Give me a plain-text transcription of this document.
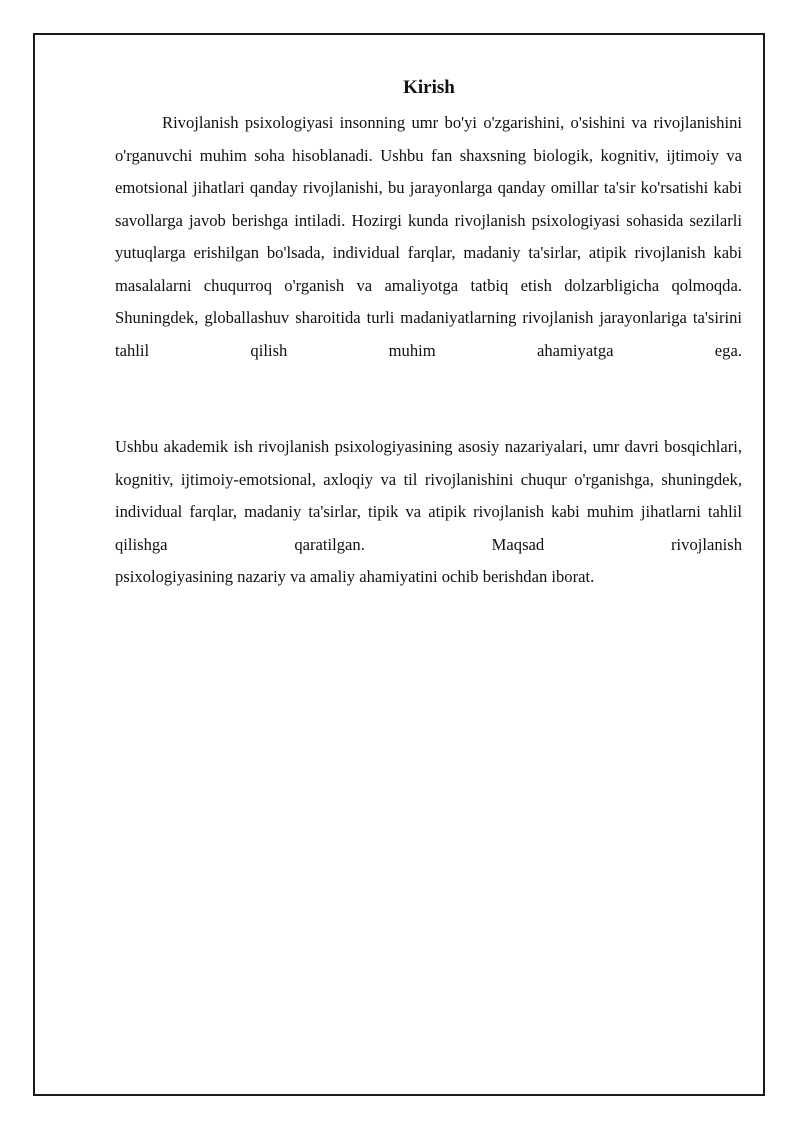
Kirish
Rivojlanish psixologiyasi insonning umr bo'yi o'zgarishini, o'sishini va rivojlanishini o'rganuvchi muhim soha hisoblanadi. Ushbu fan shaxsning biologik, kognitiv, ijtimoiy va emotsional jihatlari qanday rivojlanishi, bu jarayonlarga qanday omillar ta'sir ko'rsatishi kabi savollarga javob berishga intiladi. Hozirgi kunda rivojlanish psixologiyasi sohasida sezilarli yutuqlarga erishilgan bo'lsada, individual farqlar, madaniy ta'sirlar, atipik rivojlanish kabi masalalarni chuqurroq o'rganish va amaliyotga tatbiq etish dolzarbligicha qolmoqda. Shuningdek, globallashuv sharoitida turli madaniyatlarning rivojlanish jarayonlariga ta'sirini tahlil qilish muhim ahamiyatga ega.
Ushbu akademik ish rivojlanish psixologiyasining asosiy nazariyalari, umr davri bosqichlari, kognitiv, ijtimoiy-emotsional, axloqiy va til rivojlanishini chuqur o'rganishga, shuningdek, individual farqlar, madaniy ta'sirlar, tipik va atipik rivojlanish kabi muhim jihatlarni tahlil qilishga qaratilgan. Maqsad rivojlanish
psixologiyasining nazariy va amaliy ahamiyatini ochib berishdan iborat.
